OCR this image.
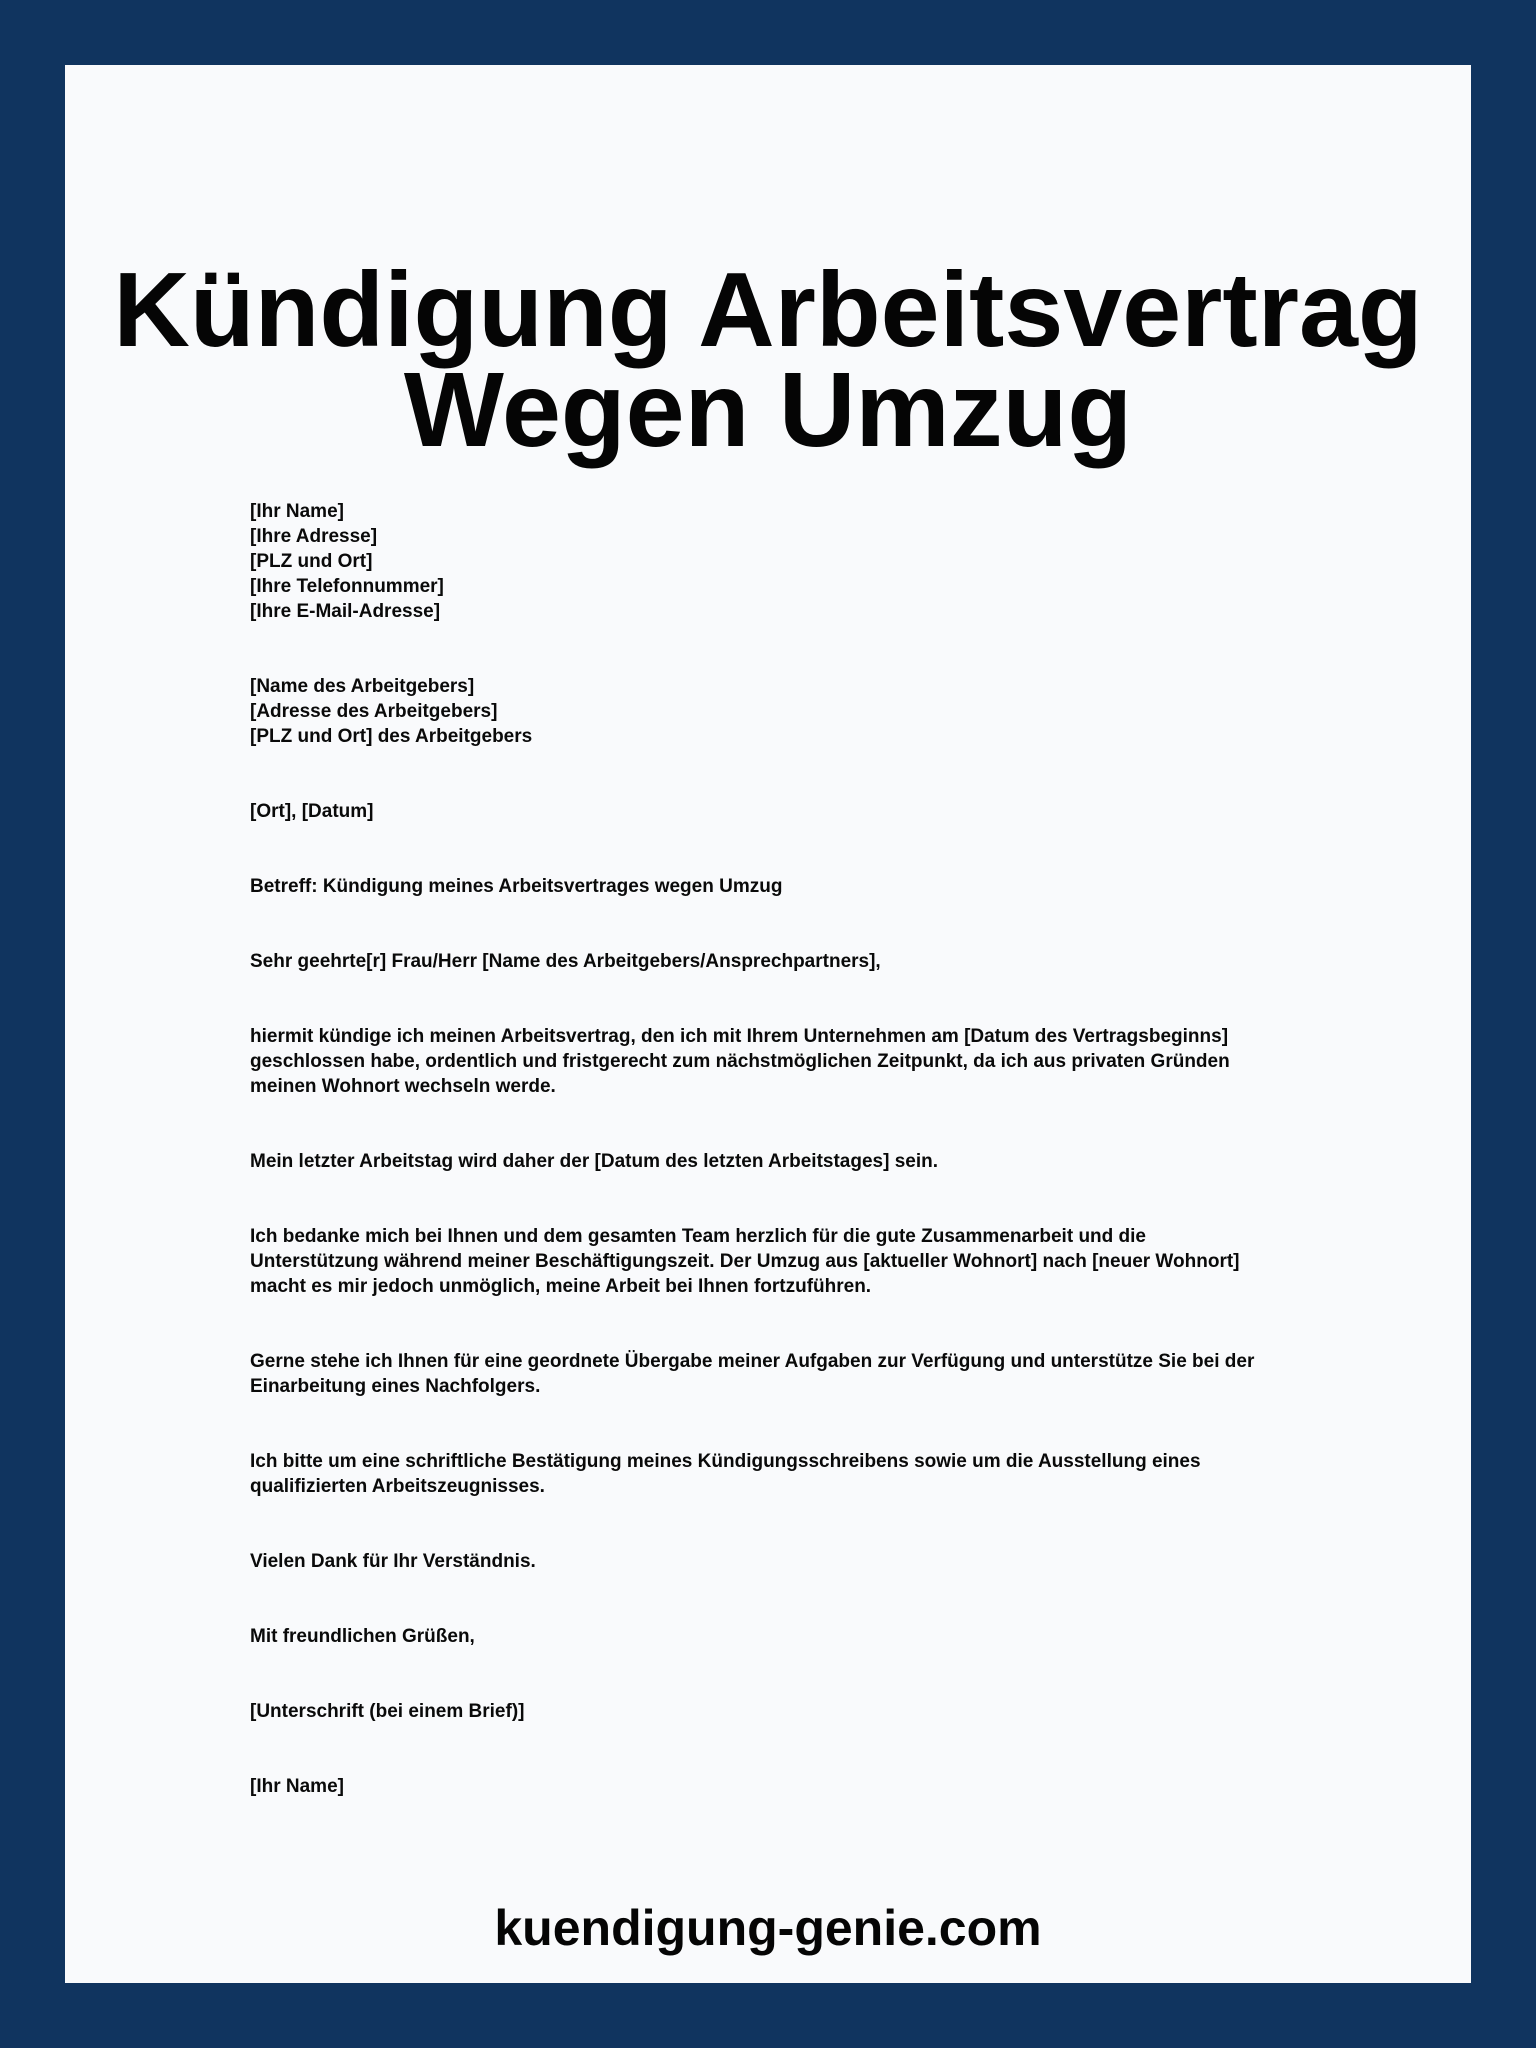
Kündigung Arbeitsvertrag
Wegen Umzug

[Ihr Name]
[Ihre Adresse]
[PLZ und Ort]
[Ihre Telefonnummer]
[Ihre E-Mail-Adresse]

[Name des Arbeitgebers]
[Adresse des Arbeitgebers]
[PLZ und Ort] des Arbeitgebers

[Ort], [Datum]

Betreff: Kündigung meines Arbeitsvertrages wegen Umzug

Sehr geehrte[r] Frau/Herr [Name des Arbeitgebers/Ansprechpartners],

hiermit kündige ich meinen Arbeitsvertrag, den ich mit Ihrem Unternehmen am [Datum des Vertragsbeginns] geschlossen habe, ordentlich und fristgerecht zum nächstmöglichen Zeitpunkt, da ich aus privaten Gründen meinen Wohnort wechseln werde.

Mein letzter Arbeitstag wird daher der [Datum des letzten Arbeitstages] sein.

Ich bedanke mich bei Ihnen und dem gesamten Team herzlich für die gute Zusammenarbeit und die Unterstützung während meiner Beschäftigungszeit. Der Umzug aus [aktueller Wohnort] nach [neuer Wohnort] macht es mir jedoch unmöglich, meine Arbeit bei Ihnen fortzuführen.

Gerne stehe ich Ihnen für eine geordnete Übergabe meiner Aufgaben zur Verfügung und unterstütze Sie bei der Einarbeitung eines Nachfolgers.

Ich bitte um eine schriftliche Bestätigung meines Kündigungsschreibens sowie um die Ausstellung eines qualifizierten Arbeitszeugnisses.

Vielen Dank für Ihr Verständnis.

Mit freundlichen Grüßen,

[Unterschrift (bei einem Brief)]

[Ihr Name]

kuendigung-genie.com
